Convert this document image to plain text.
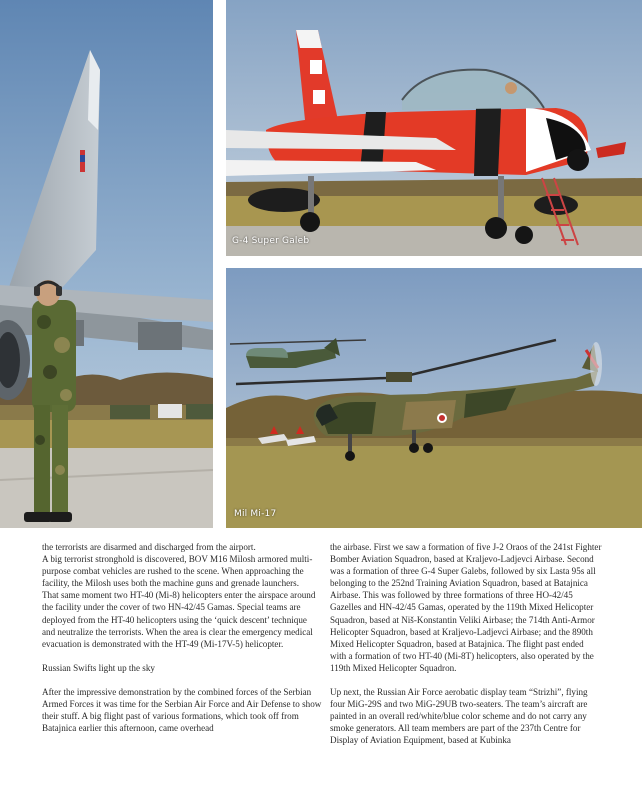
G-4 Super Galeb
Mil Mi-17

the terrorists are disarmed and discharged from the airport.

A big terrorist stronghold is discovered, BOV M16 Milosh armored multi-purpose combat vehicles are rushed to the scene. When approaching the facility, the Milosh uses both the machine guns and grenade launchers.

That same moment two HT-40 (Mi-8) helicopters enter the airspace around the facility under the cover of two HN-42/45 Gamas. Special teams are deployed from the HT-40 helicopters using the ‘quick descent’ technique and neutralize the terrorists. When the area is clear the emergency medical evacuation is demonstrated with the HT-49 (Mi-17V-5) helicopter.

Russian Swifts light up the sky

After the impressive demonstration by the combined forces of the Serbian Armed Forces it was time for the Serbian Air Force and Air Defense to show their stuff. A big flight past of various formations, which took off from Batajnica earlier this afternoon, came overhead

the airbase. First we saw a formation of five J-2 Oraos of the 241st Fighter Bomber Aviation Squadron, based at Kraljevo-Ladjevci Airbase. Second was a formation of three G-4 Super Galebs, followed by six Lasta 95s all belonging to the 252nd Training Aviation Squadron, based at Batajnica Airbase. This was followed by three formations of three HO-42/45 Gazelles and HN-42/45 Gamas, operated by the 119th Mixed Helicopter Squadron, based at Niš-Konstantin Veliki Airbase; the 714th Anti-Armor Helicopter Squadron, based at Kraljevo-Ladjevci Airbase; and the 890th Mixed Helicopter Squadron, based at Batajnica. The flight past ended with a formation of two HT-40 (Mi-8T) helicopters, also operated by the 119th Mixed Helicopter Squadron.

Up next, the Russian Air Force aerobatic display team “Strizhi”, flying four MiG-29S and two MiG-29UB two-seaters. The team’s aircraft are painted in an overall red/white/blue color scheme and do not carry any smoke generators. All team members are part of the 237th Centre for Display of Aviation Equipment, based at Kubinka
